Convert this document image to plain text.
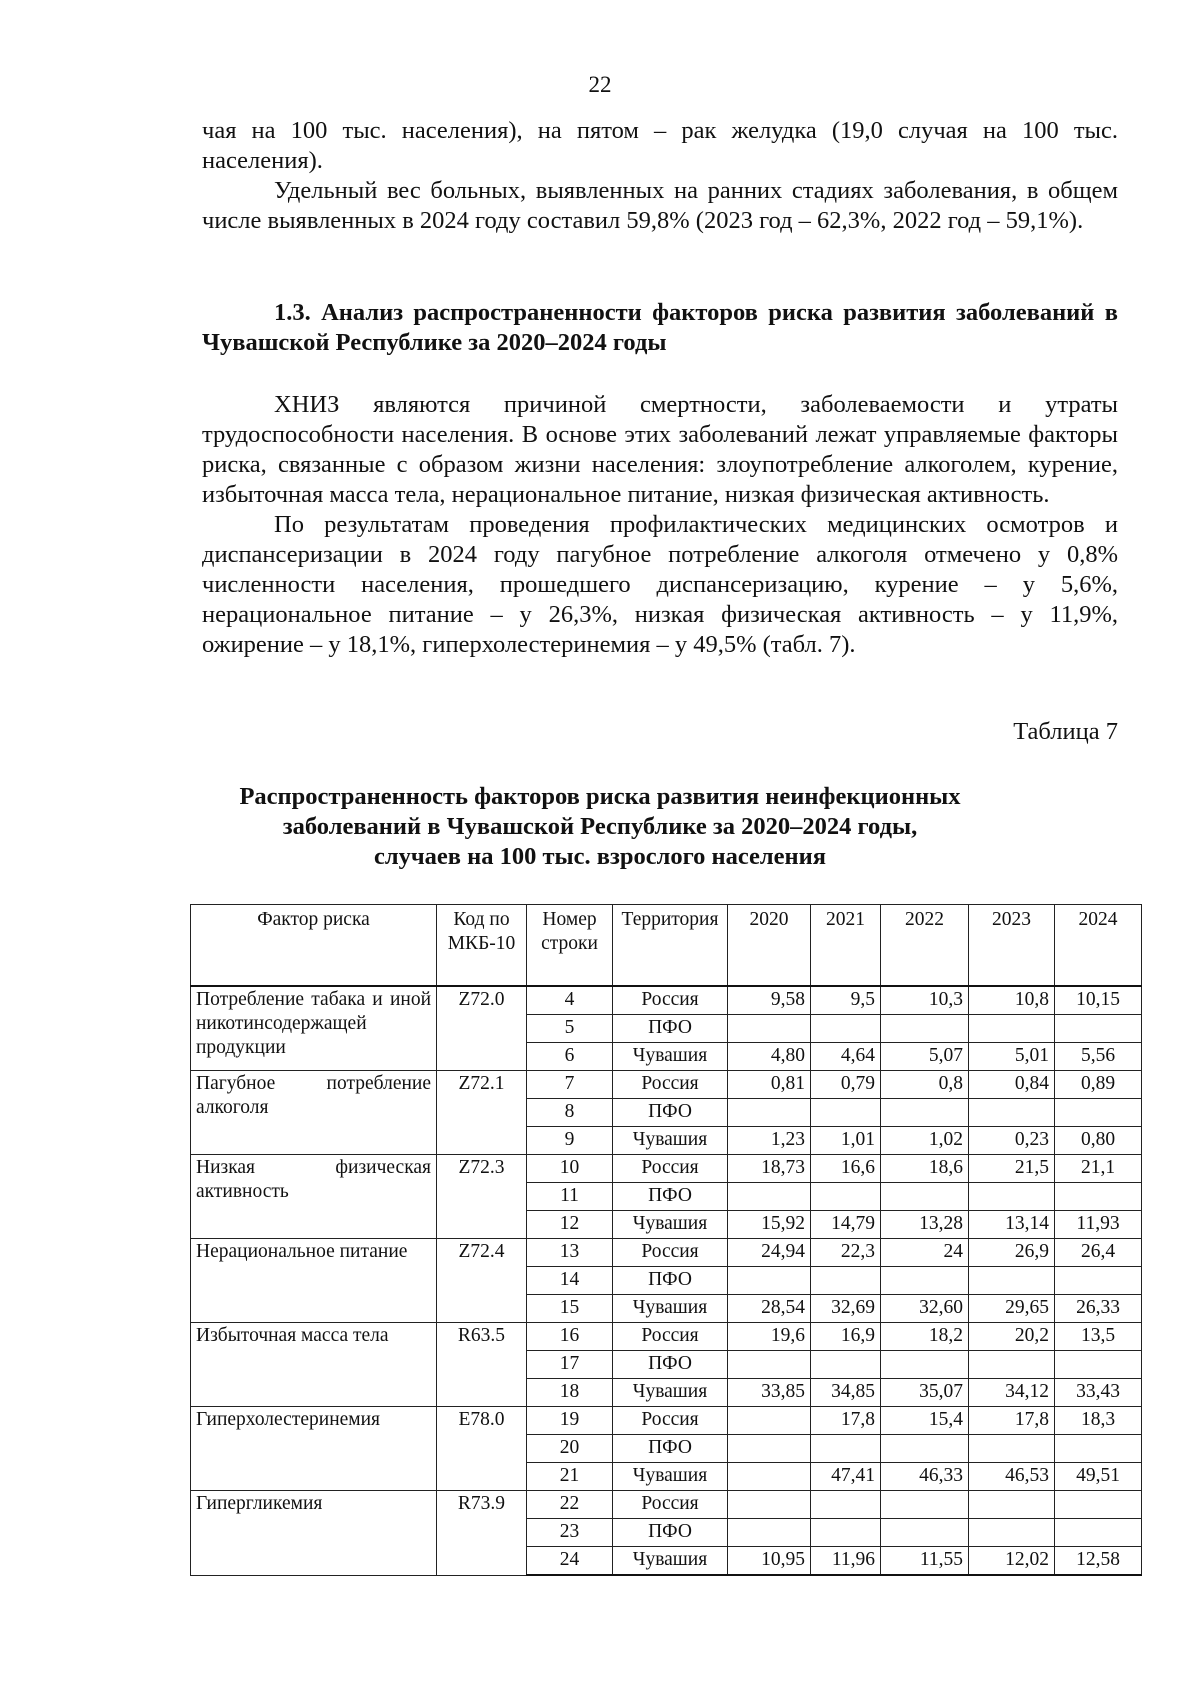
22

чая на 100 тыс. населения), на пятом – рак желудка (19,0 случая на 100 тыс. населения).

Удельный вес больных, выявленных на ранних стадиях заболевания, в общем числе выявленных в 2024 году составил 59,8% (2023 год – 62,3%, 2022 год – 59,1%).

1.3. Анализ распространенности факторов риска развития заболеваний в Чувашской Республике за 2020–2024 годы

ХНИЗ являются причиной смертности, заболеваемости и утраты трудоспособности населения. В основе этих заболеваний лежат управляемые факторы риска, связанные с образом жизни населения: злоупотребление алкоголем, курение, избыточная масса тела, нерациональное питание, низкая физическая активность.

По результатам проведения профилактических медицинских осмотров и диспансеризации в 2024 году пагубное потребление алкоголя отмечено у 0,8% численности населения, прошедшего диспансеризацию, курение – у 5,6%, нерациональное питание – у 26,3%, низкая физическая активность – у 11,9%, ожирение – у 18,1%, гиперхолестеринемия – у 49,5% (табл. 7).

Таблица 7
Распространенность факторов риска развития неинфекционных
заболеваний в Чувашской Республике за 2020–2024 годы,
случаев на 100 тыс. взрослого населения
Фактор риска	Код по МКБ-10	Номер строки	Территория	2020	2021	2022	2023	2024
Потребление табака и иной никотинсодержащей продукции	Z72.0	4	Россия	9,58	9,5	10,3	10,8	10,15
		5	ПФО					
		6	Чувашия	4,80	4,64	5,07	5,01	5,56
Пагубное потребление алкоголя	Z72.1	7	Россия	0,81	0,79	0,8	0,84	0,89
		8	ПФО					
		9	Чувашия	1,23	1,01	1,02	0,23	0,80
Низкая физическая активность	Z72.3	10	Россия	18,73	16,6	18,6	21,5	21,1
		11	ПФО					
		12	Чувашия	15,92	14,79	13,28	13,14	11,93
Нерациональное питание	Z72.4	13	Россия	24,94	22,3	24	26,9	26,4
		14	ПФО					
		15	Чувашия	28,54	32,69	32,60	29,65	26,33
Избыточная масса тела	R63.5	16	Россия	19,6	16,9	18,2	20,2	13,5
		17	ПФО					
		18	Чувашия	33,85	34,85	35,07	34,12	33,43
Гиперхолестеринемия	E78.0	19	Россия		17,8	15,4	17,8	18,3
		20	ПФО					
		21	Чувашия		47,41	46,33	46,53	49,51
Гипергликемия	R73.9	22	Россия					
		23	ПФО					
		24	Чувашия	10,95	11,96	11,55	12,02	12,58
